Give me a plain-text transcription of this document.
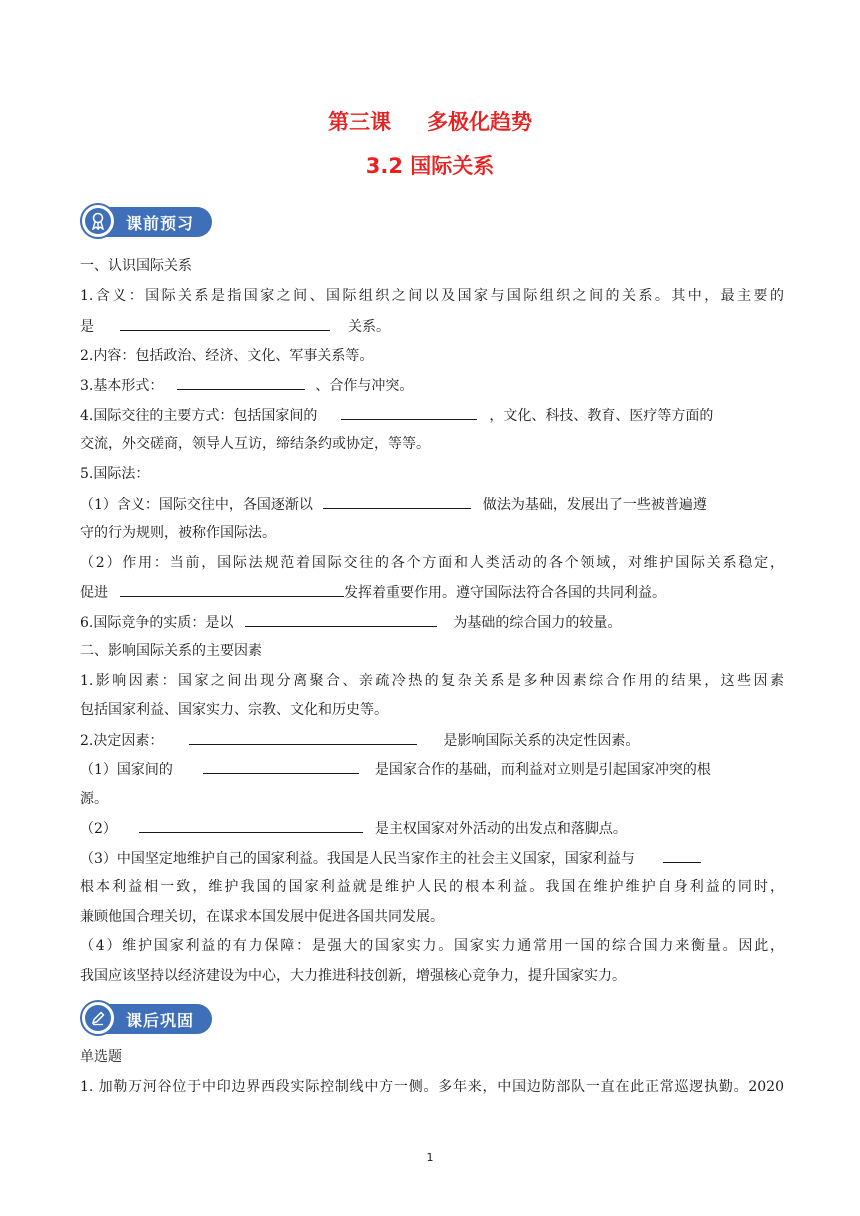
第三课 多极化趋势
3.2 国际关系
课前预习
一、认识国际关系
1.含义：国际关系是指国家之间、国际组织之间以及国家与国际组织之间的关系。其中，最主要的
是	关系。
2.内容：包括政治、经济、文化、军事关系等。
3.基本形式：	、合作与冲突。
4.国际交往的主要方式：包括国家间的	，文化、科技、教育、医疗等方面的
交流，外交磋商，领导人互访，缔结条约或协定，等等。
5.国际法：
（1）含义：国际交往中，各国逐渐以	做法为基础，发展出了一些被普遍遵
守的行为规则，被称作国际法。
（2）作用：当前，国际法规范着国际交往的各个方面和人类活动的各个领域，对维护国际关系稳定，
促进	发挥着重要作用。遵守国际法符合各国的共同利益。
6.国际竞争的实质：是以	为基础的综合国力的较量。
二、影响国际关系的主要因素
1.影响因素：国家之间出现分离聚合、亲疏冷热的复杂关系是多种因素综合作用的结果，这些因素
包括国家利益、国家实力、宗教、文化和历史等。
2.决定因素：	是影响国际关系的决定性因素。
（1）国家间的	是国家合作的基础，而利益对立则是引起国家冲突的根
源。
（2）	是主权国家对外活动的出发点和落脚点。
（3）中国坚定地维护自己的国家利益。我国是人民当家作主的社会主义国家，国家利益与
根本利益相一致，维护我国的国家利益就是维护人民的根本利益。我国在维护维护自身利益的同时，
兼顾他国合理关切，在谋求本国发展中促进各国共同发展。
（4）维护国家利益的有力保障：是强大的国家实力。国家实力通常用一国的综合国力来衡量。因此，
我国应该坚持以经济建设为中心，大力推进科技创新，增强核心竞争力，提升国家实力。
课后巩固
单选题
1. 加勒万河谷位于中印边界西段实际控制线中方一侧。多年来，中国边防部队一直在此正常巡逻执勤。2020
1
